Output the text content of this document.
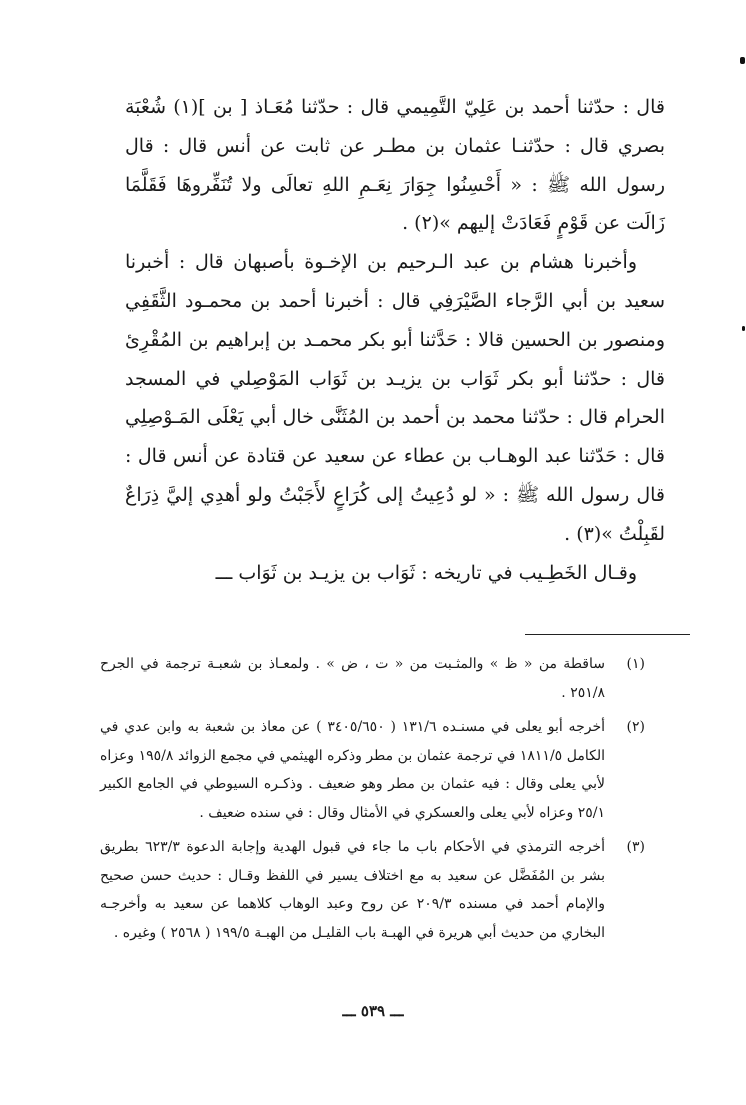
قال : حدّثنا أحمد بن عَلِيّ التَّمِيمي قال : حدّثنا مُعَـاذ [ بن ](١) شُعْبَة بصري قال : حدّثنـا عثمان بن مطـر عن ثابت عن أنس قال : قال رسول الله ﷺ : « أَحْسِنُوا جِوَارَ نِعَـمِ اللهِ تعالَى ولا تُنَفِّروهَا فَقَلَّمَا زَالَت عن قَوْمٍ فَعَادَتْ إليهم »(٢) .

وأخبرنا هشام بن عبد الـرحيم بن الإخـوة بأصبهان قال : أخبرنا سعيد بن أبي الرَّجاء الصَّيْرَفِي قال : أخبرنا أحمد بن محمـود الثَّقَفِي ومنصور بن الحسين قالا : حَدَّثنا أبو بكر محمـد بن إبراهيم بن المُقْرِئ قال : حدّثنا أبو بكر ثَوَاب بن يزيـد بن ثَوَاب المَوْصِلي في المسجد الحرام قال : حدّثنا محمد بن أحمد بن المُثَنَّى خال أبي يَعْلَى المَـوْصِلِي قال : حَدّثنا عبد الوهـاب بن عطاء عن سعيد عن قتادة عن أنس قال : قال رسول الله ﷺ : « لو دُعِيتُ إلى كُرَاعٍ لأَجَبْتُ ولو أهدِي إليَّ ذِرَاعٌ لقَبِلْتُ »(٣) .

وقـال الخَطِـيب في تاريخه : ثَوَاب بن يزيـد بن ثَوَاب ـــ

(١)
ساقطة من « ظ » والمثـبت من « ت ، ض » . ولمعـاذ بن شعبـة ترجمة في الجرح ٢٥١/٨ .
(٢)
أخرجه أبو يعلى في مسنـده ١٣١/٦ ( ٣٤٠٥/٦٥٠ ) عن معاذ بن شعبة به وابن عدي في الكامل ١٨١١/٥ في ترجمة عثمان بن مطر وذكره الهيثمي في مجمع الزوائد ١٩٥/٨ وعزاه لأبي يعلى وقال : فيه عثمان بن مطر وهو ضعيف . وذكـره السيوطي في الجامع الكبير ٢٥/١ وعزاه لأبي يعلى والعسكري في الأمثال وقال : في سنده ضعيف .
(٣)
أخرجه الترمذي في الأحكام باب ما جاء في قبول الهدية وإجابة الدعوة ٦٢٣/٣ بطريق بشر بن المُفَضَّل عن سعيد به مع اختلاف يسير في اللفظ وقـال : حديث حسن صحيح والإمام أحمد في مسنده ٢٠٩/٣ عن روح وعبد الوهاب كلاهما عن سعيد به وأخرجـه البخاري من حديث أبي هريرة في الهبـة باب القليـل من الهبـة ١٩٩/٥ ( ٢٥٦٨ ) وغيره .
ـــ ٥٣٩ ـــ
